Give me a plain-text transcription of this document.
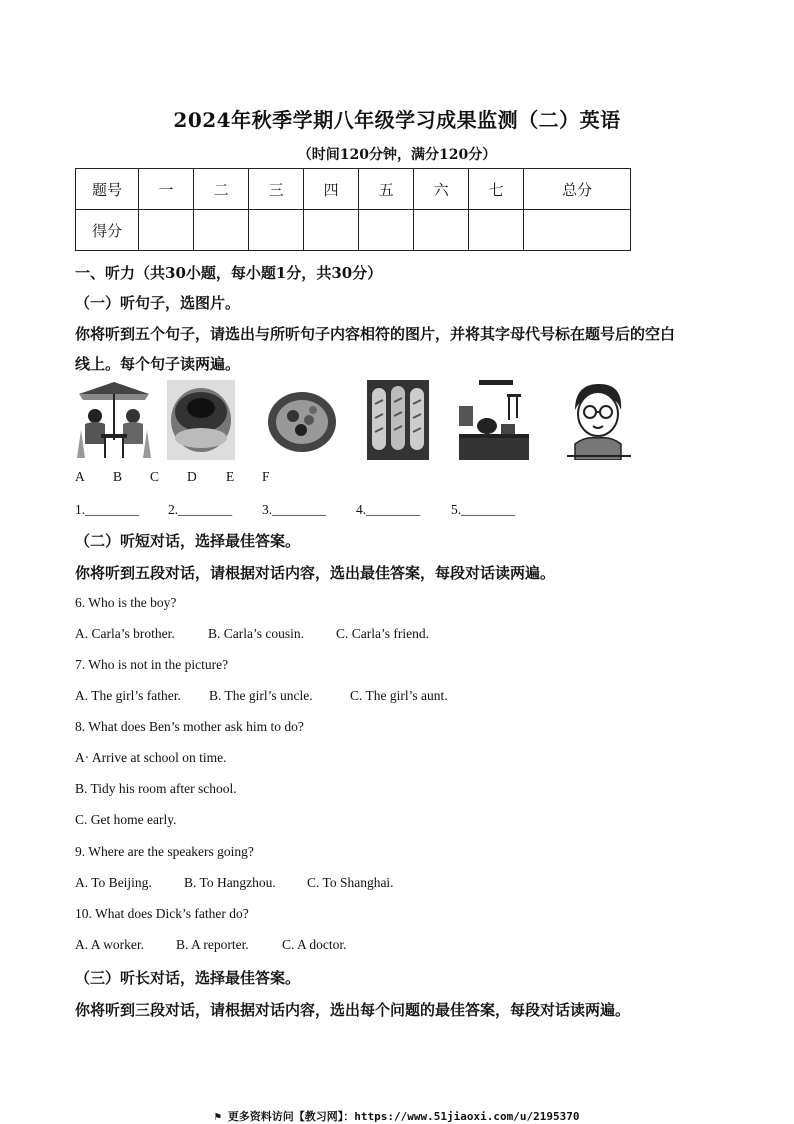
2024年秋季学期八年级学习成果监测（二）英语
（时间120分钟，满分120分）
题号	一	二	三	四	五	六	七	总分
得分								
一、听力（共30小题，每小题1分，共30分）
（一）听句子，选图片。
你将听到五个句子，请选出与所听句子内容相符的图片，并将其字母代号标在题号后的空白
线上。每个句子读两遍。
A B C D E F
1.________ 2.________ 3.________ 4.________ 5.________
（二）听短对话，选择最佳答案。
你将听到五段对话，请根据对话内容，选出最佳答案，每段对话读两遍。
6. Who is the boy?
A. Carla’s brother. B. Carla’s cousin. C. Carla’s friend.
7. Who is not in the picture?
A. The girl’s father. B. The girl’s uncle.	C. The girl’s aunt.
8. What does Ben’s mother ask him to do?
A· Arrive at school on time.
B. Tidy his room after school.
C. Get home early.
9. Where are the speakers going?
A. To Beijing. B. To Hangzhou. C. To Shanghai.
10. What does Dick’s father do?
A. A worker. B. A reporter. C. A doctor.
（三）听长对话，选择最佳答案。
你将听到三段对话，请根据对话内容，选出每个问题的最佳答案，每段对话读两遍。
⚑ 更多资料访问【教习网】：https://www.51jiaoxi.com/u/2195370
